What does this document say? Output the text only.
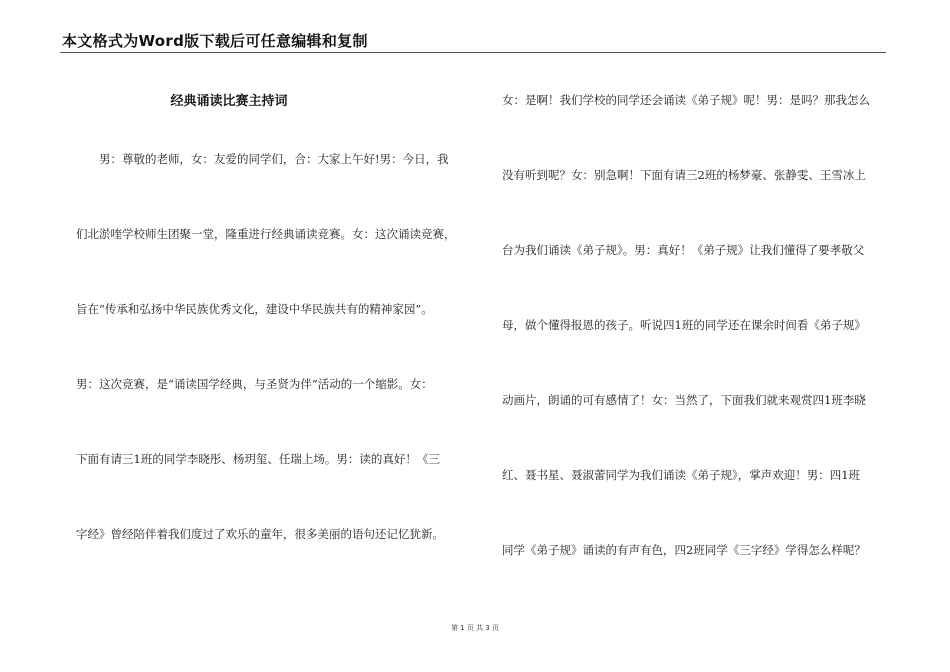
本文格式为Word版下载后可任意编辑和复制
经典诵读比赛主持词
　　男：尊敬的老师，女：友爱的同学们，合：大家上午好!男：今日，我
们北淤喹学校师生团聚一堂，隆重进行经典诵读竞赛。女：这次诵读竞赛，
旨在“传承和弘扬中华民族优秀文化，建设中华民族共有的精神家园”。
男：这次竞赛，是“诵读国学经典，与圣贤为伴”活动的一个缩影。女：
下面有请三1班的同学李晓彤、杨玥玺、任瑞上场。男：读的真好！《三
字经》曾经陪伴着我们度过了欢乐的童年，很多美丽的语句还记忆犹新。
女：是啊！我们学校的同学还会诵读《弟子规》呢！男：是吗？那我怎么
没有听到呢？女：别急啊！下面有请三2班的杨梦豪、张静雯、王雪冰上
台为我们诵读《弟子规》。男：真好！《弟子规》让我们懂得了要孝敬父
母，做个懂得报恩的孩子。听说四1班的同学还在课余时间看《弟子规》
动画片，朗诵的可有感情了！女：当然了，下面我们就来观赏四1班李晓
红、聂书星、聂淑蕾同学为我们诵读《弟子规》，掌声欢迎！男：四1班
同学《弟子规》诵读的有声有色，四2班同学《三字经》学得怎么样呢？
第 1 页 共 3 页
